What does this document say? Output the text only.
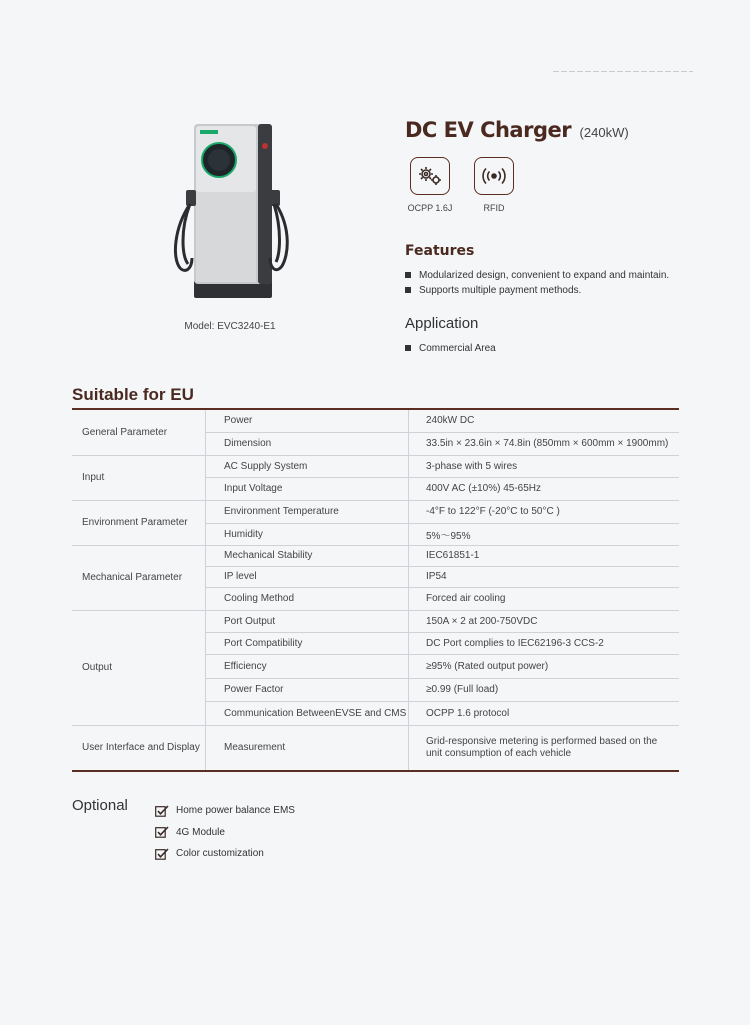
Model: EVC3240-E1
DC EV Charger (240kW)
OCPP 1.6J	RFID
Features
Modularized design, convenient to expand and maintain.
Supports multiple payment methods.
Application
Commercial Area
Suitable for EU
General Parameter	Power	240kW DC
	Dimension	33.5in × 23.6in × 74.8in (850mm × 600mm × 1900mm)
Input	AC Supply System	3-phase with 5 wires
	Input Voltage	400V AC (±10%) 45-65Hz
Environment Parameter	Environment Temperature	-4°F to 122°F (-20°C to 50°C )
	Humidity	5%～95%
Mechanical Parameter	Mechanical Stability	IEC61851-1
	IP level	IP54
	Cooling Method	Forced air cooling
Output	Port Output	150A × 2 at 200-750VDC
	Port Compatibility	DC Port complies to IEC62196-3 CCS-2
	Efficiency	≥95% (Rated output power)
	Power Factor	≥0.99 (Full load)
	Communication BetweenEVSE and CMS	OCPP 1.6 protocol
User Interface and Display	Measurement	Grid-responsive metering is performed based on the unit consumption of each vehicle
Optional	Home power balance EMS
4G Module
Color customization
